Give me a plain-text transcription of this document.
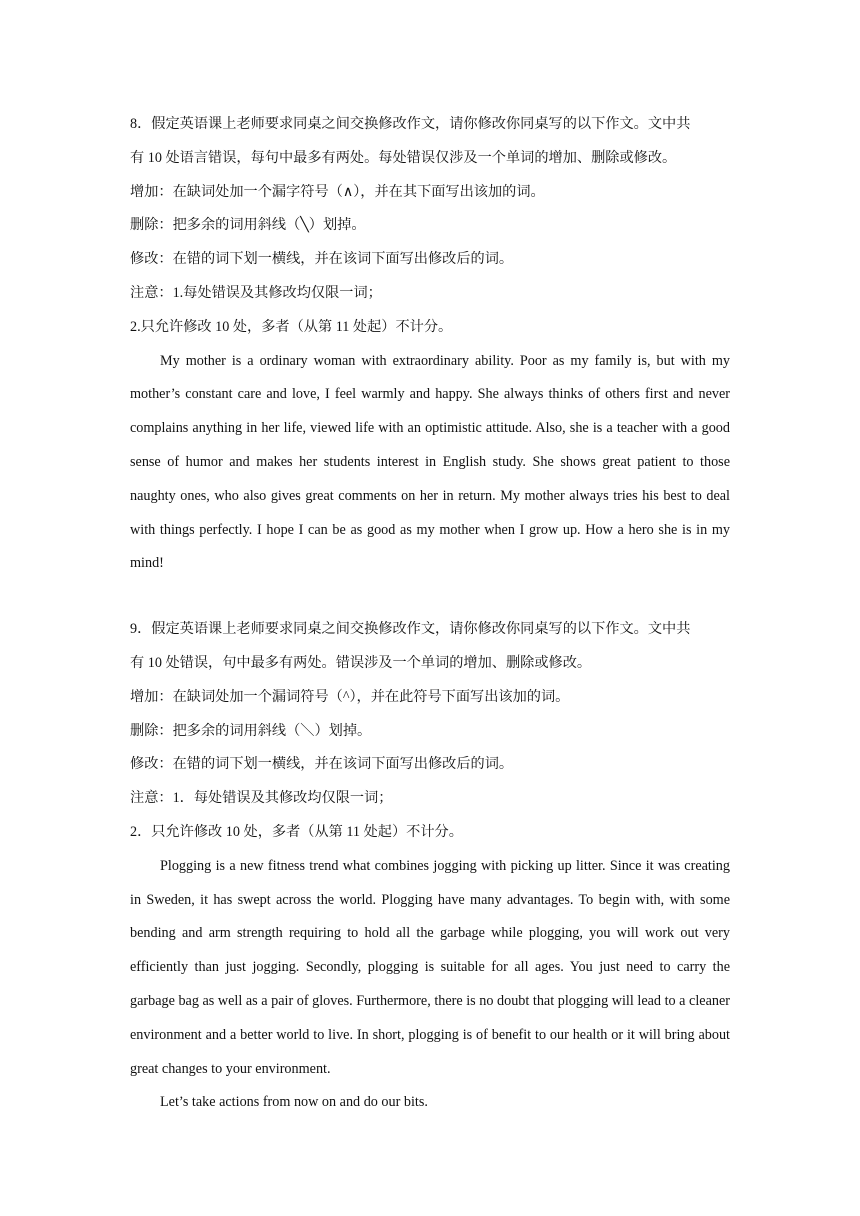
8．假定英语课上老师要求同桌之间交换修改作文，请你修改你同桌写的以下作文。文中共

有 10 处语言错误，每句中最多有两处。每处错误仅涉及一个单词的增加、删除或修改。

增加：在缺词处加一个漏字符号（∧），并在其下面写出该加的词。

删除：把多余的词用斜线（╲）划掉。

修改：在错的词下划一横线，并在该词下面写出修改后的词。

注意：1.每处错误及其修改均仅限一词；

2.只允许修改 10 处，多者（从第 11 处起）不计分。

My mother is a ordinary woman with extraordinary ability. Poor as my family is, but with my mother’s constant care and love, I feel warmly and happy. She always thinks of others first and never complains anything in her life, viewed life with an optimistic attitude. Also, she is a teacher with a good sense of humor and makes her students interest in English study. She shows great patient to those naughty ones, who also gives great comments on her in return. My mother always tries his best to deal with things perfectly. I hope I can be as good as my mother when I grow up. How a hero she is in my mind!

9．假定英语课上老师要求同桌之间交换修改作文，请你修改你同桌写的以下作文。文中共

有 10 处错误，句中最多有两处。错误涉及一个单词的增加、删除或修改。

增加：在缺词处加一个漏词符号（^），并在此符号下面写出该加的词。

删除：把多余的词用斜线（＼）划掉。

修改：在错的词下划一横线，并在该词下面写出修改后的词。

注意：1．每处错误及其修改均仅限一词；

2．只允许修改 10 处，多者（从第 11 处起）不计分。

Plogging is a new fitness trend what combines jogging with picking up litter. Since it was creating in Sweden, it has swept across the world. Plogging have many advantages. To begin with, with some bending and arm strength requiring to hold all the garbage while plogging, you will work out very efficiently than just jogging. Secondly, plogging is suitable for all ages. You just need to carry the garbage bag as well as a pair of gloves. Furthermore, there is no doubt that plogging will lead to a cleaner environment and a better world to live. In short, plogging is of benefit to our health or it will bring about great changes to your environment.

Let’s take actions from now on and do our bits.
